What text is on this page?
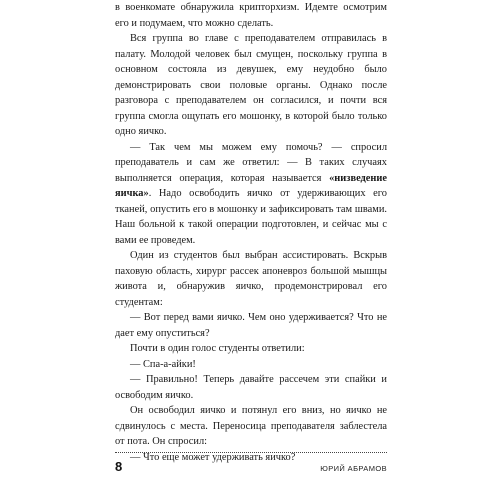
в военкомате обнаружила крипторхизм. Идемте осмотрим его и подумаем, что можно сделать.

Вся группа во главе с преподавателем отправилась в палату. Молодой человек был смущен, поскольку группа в основном состояла из девушек, ему неудобно было демонстрировать свои половые органы. Однако после разговора с преподавателем он согласился, и почти вся группа смогла ощупать его мошонку, в которой было только одно яичко.

— Так чем мы можем ему помочь? — спросил преподаватель и сам же ответил: — В таких случаях выполняется операция, которая называется «низведение яичка». Надо освободить яичко от удерживающих его тканей, опустить его в мошонку и зафиксировать там швами. Наш больной к такой операции подготовлен, и сейчас мы с вами ее проведем.

Один из студентов был выбран ассистировать. Вскрыв паховую область, хирург рассек апоневроз большой мышцы живота и, обнаружив яичко, продемонстрировал его студентам:

— Вот перед вами яичко. Чем оно удерживается? Что не дает ему опуститься?

Почти в один голос студенты ответили:

— Спа-а-айки!

— Правильно! Теперь давайте рассечем эти спайки и освободим яичко.

Он освободил яичко и потянул его вниз, но яичко не сдвинулось с места. Переносица преподавателя заблестела от пота. Он спросил:

— Что еще может удерживать яичко?

8	ЮРИЙ АБРАМОВ
